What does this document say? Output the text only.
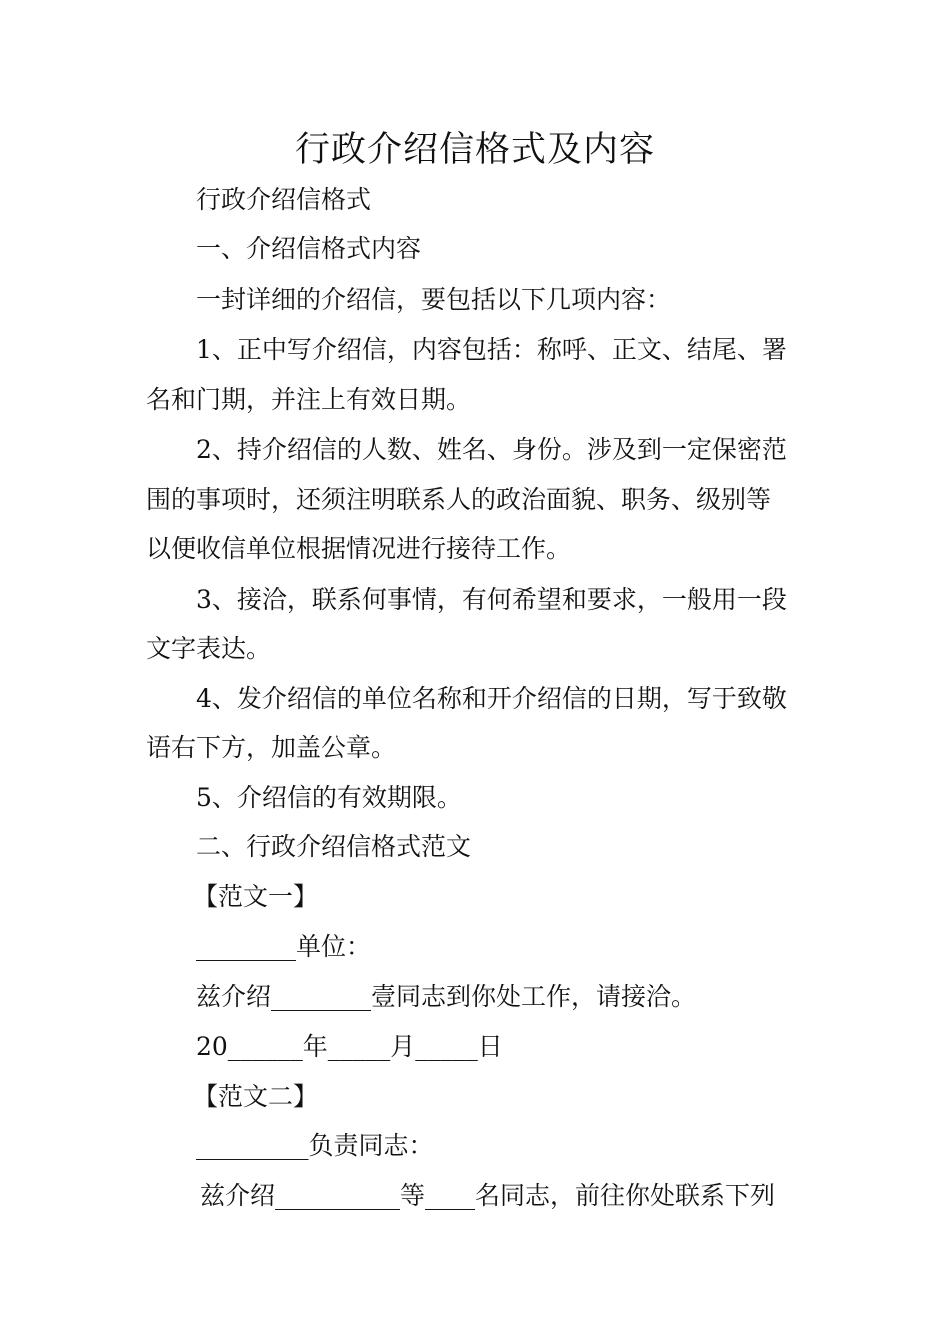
行政介绍信格式及内容

行政介绍信格式

一、介绍信格式内容

一封详细的介绍信，要包括以下几项内容：

1、正中写介绍信，内容包括：称呼、正文、结尾、署

名和门期，并注上有效日期。

2、持介绍信的人数、姓名、身份。涉及到一定保密范

围的事项时，还须注明联系人的政治面貌、职务、级别等

以便收信单位根据情况进行接待工作。

3、接洽，联系何事情，有何希望和要求，一般用一段

文字表达。

4、发介绍信的单位名称和开介绍信的日期，写于致敬

语右下方，加盖公章。

5、介绍信的有效期限。

二、行政介绍信格式范文

【范文一】

________单位：

兹介绍________壹同志到你处工作，请接洽。

20______年_____月_____日

【范文二】

_________负责同志：

兹介绍__________等____名同志，前往你处联系下列
